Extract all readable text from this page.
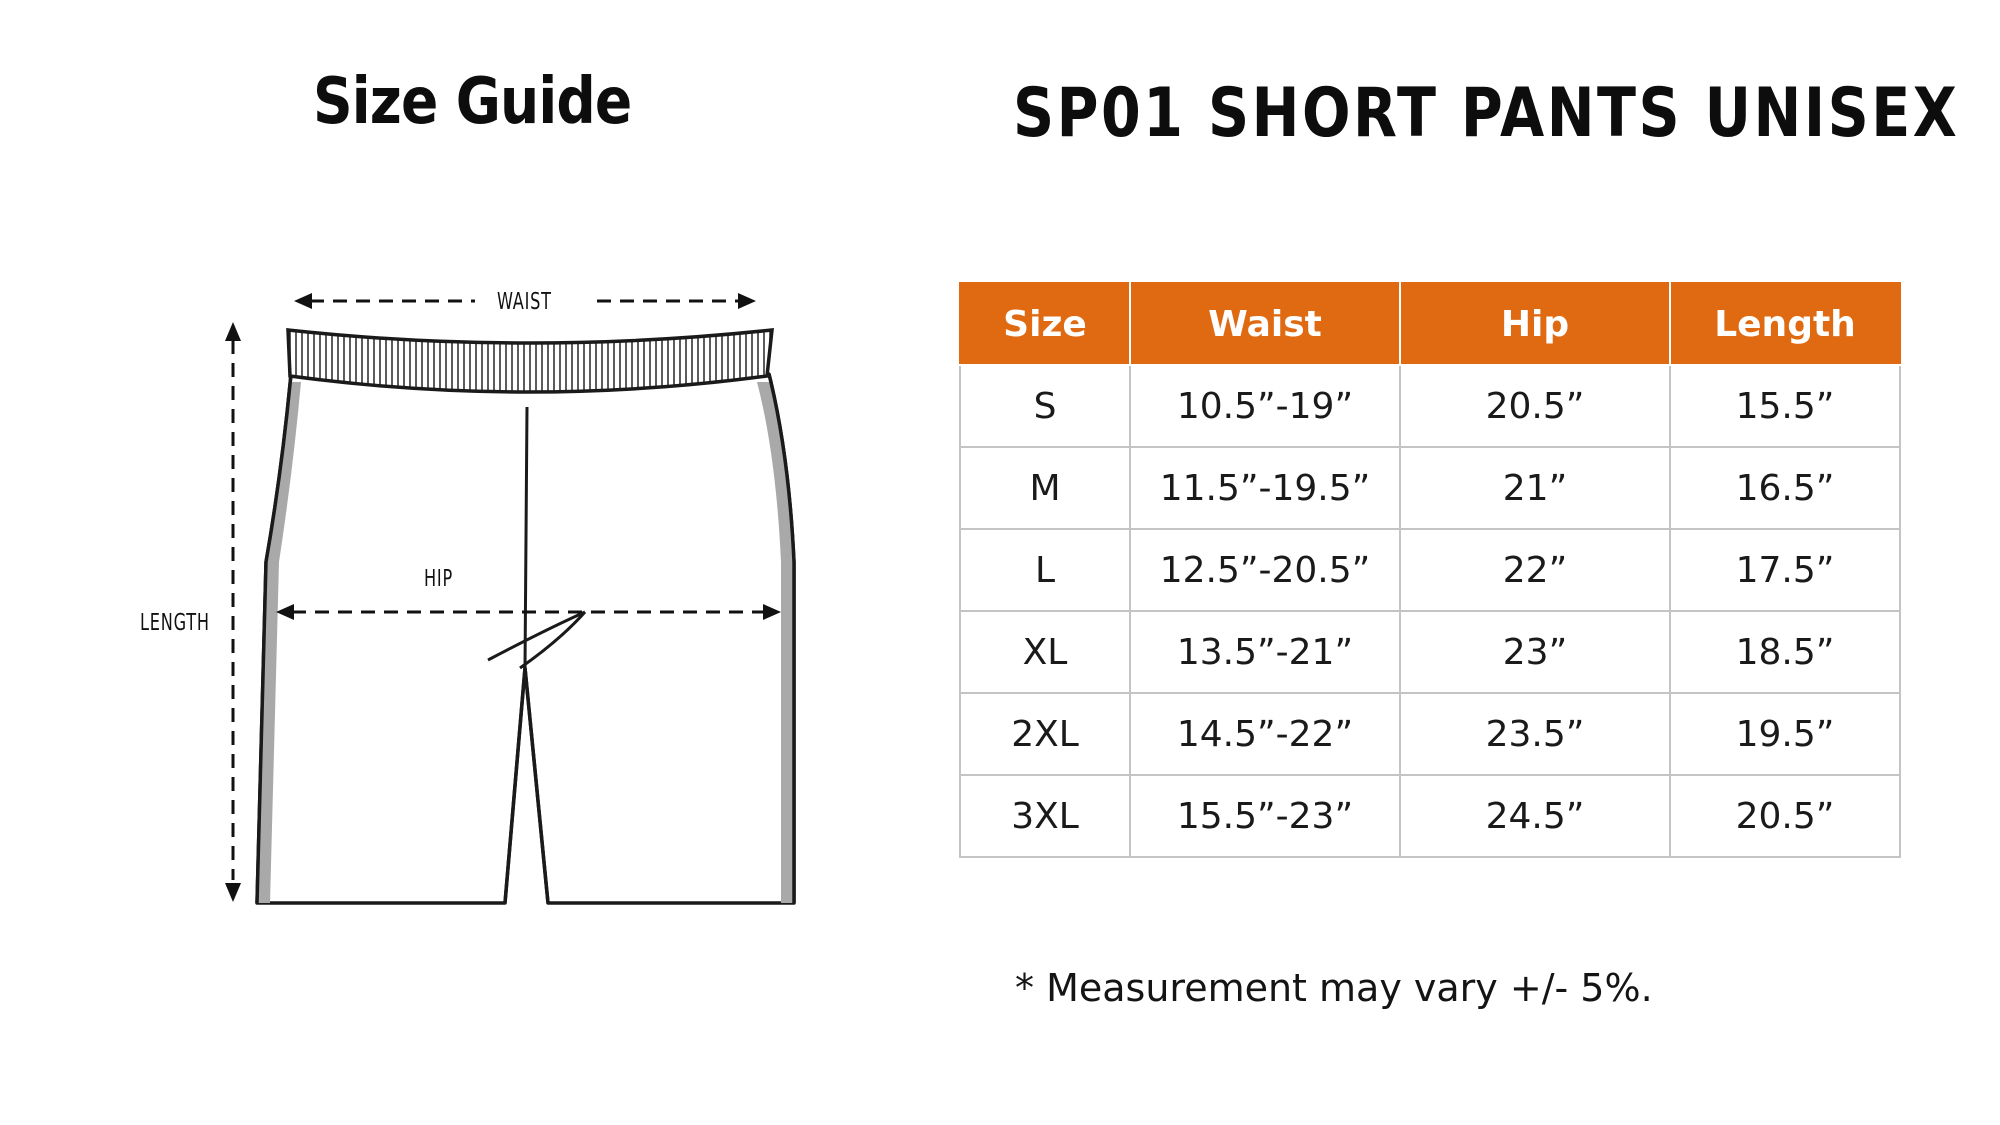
Size Guide	SP01 SHORT PANTS UNISEX
WAIST
HIP
LENGTH
Size	Waist	Hip	Length
S	10.5”-19”	20.5”	15.5”
M	11.5”-19.5”	21”	16.5”
L	12.5”-20.5”	22”	17.5”
XL	13.5”-21”	23”	18.5”
2XL	14.5”-22”	23.5”	19.5”
3XL	15.5”-23”	24.5”	20.5”
* Measurement may vary +/- 5%.
